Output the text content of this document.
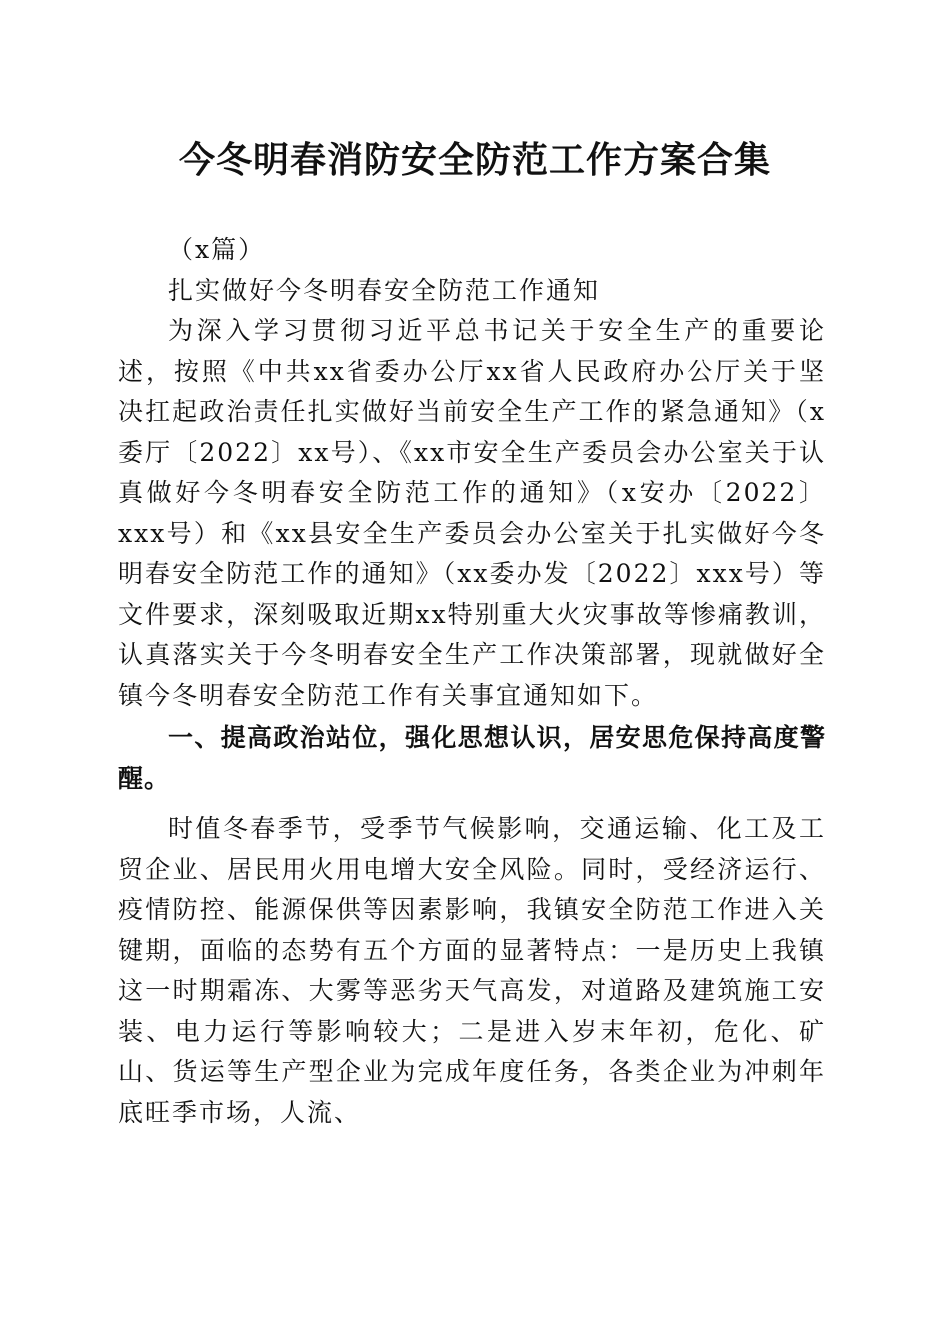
今冬明春消防安全防范工作方案合集

（x篇）

扎实做好今冬明春安全防范工作通知

为深入学习贯彻习近平总书记关于安全生产的重要论述，按照《中共xx省委办公厅xx省人民政府办公厅关于坚决扛起政治责任扎实做好当前安全生产工作的紧急通知》（x委厅〔2022〕xx号）、《xx市安全生产委员会办公室关于认真做好今冬明春安全防范工作的通知》（x安办〔2022〕xxx号）和《xx县安全生产委员会办公室关于扎实做好今冬明春安全防范工作的通知》（xx委办发〔2022〕xxx号）等文件要求，深刻吸取近期xx特别重大火灾事故等惨痛教训，认真落实关于今冬明春安全生产工作决策部署，现就做好全镇今冬明春安全防范工作有关事宜通知如下。

一、提高政治站位，强化思想认识，居安思危保持高度警醒。

时值冬春季节，受季节气候影响，交通运输、化工及工贸企业、居民用火用电增大安全风险。同时，受经济运行、疫情防控、能源保供等因素影响，我镇安全防范工作进入关键期，面临的态势有五个方面的显著特点：一是历史上我镇这一时期霜冻、大雾等恶劣天气高发，对道路及建筑施工安装、电力运行等影响较大；二是进入岁末年初，危化、矿山、货运等生产型企业为完成年度任务，各类企业为冲刺年底旺季市场，人流、
